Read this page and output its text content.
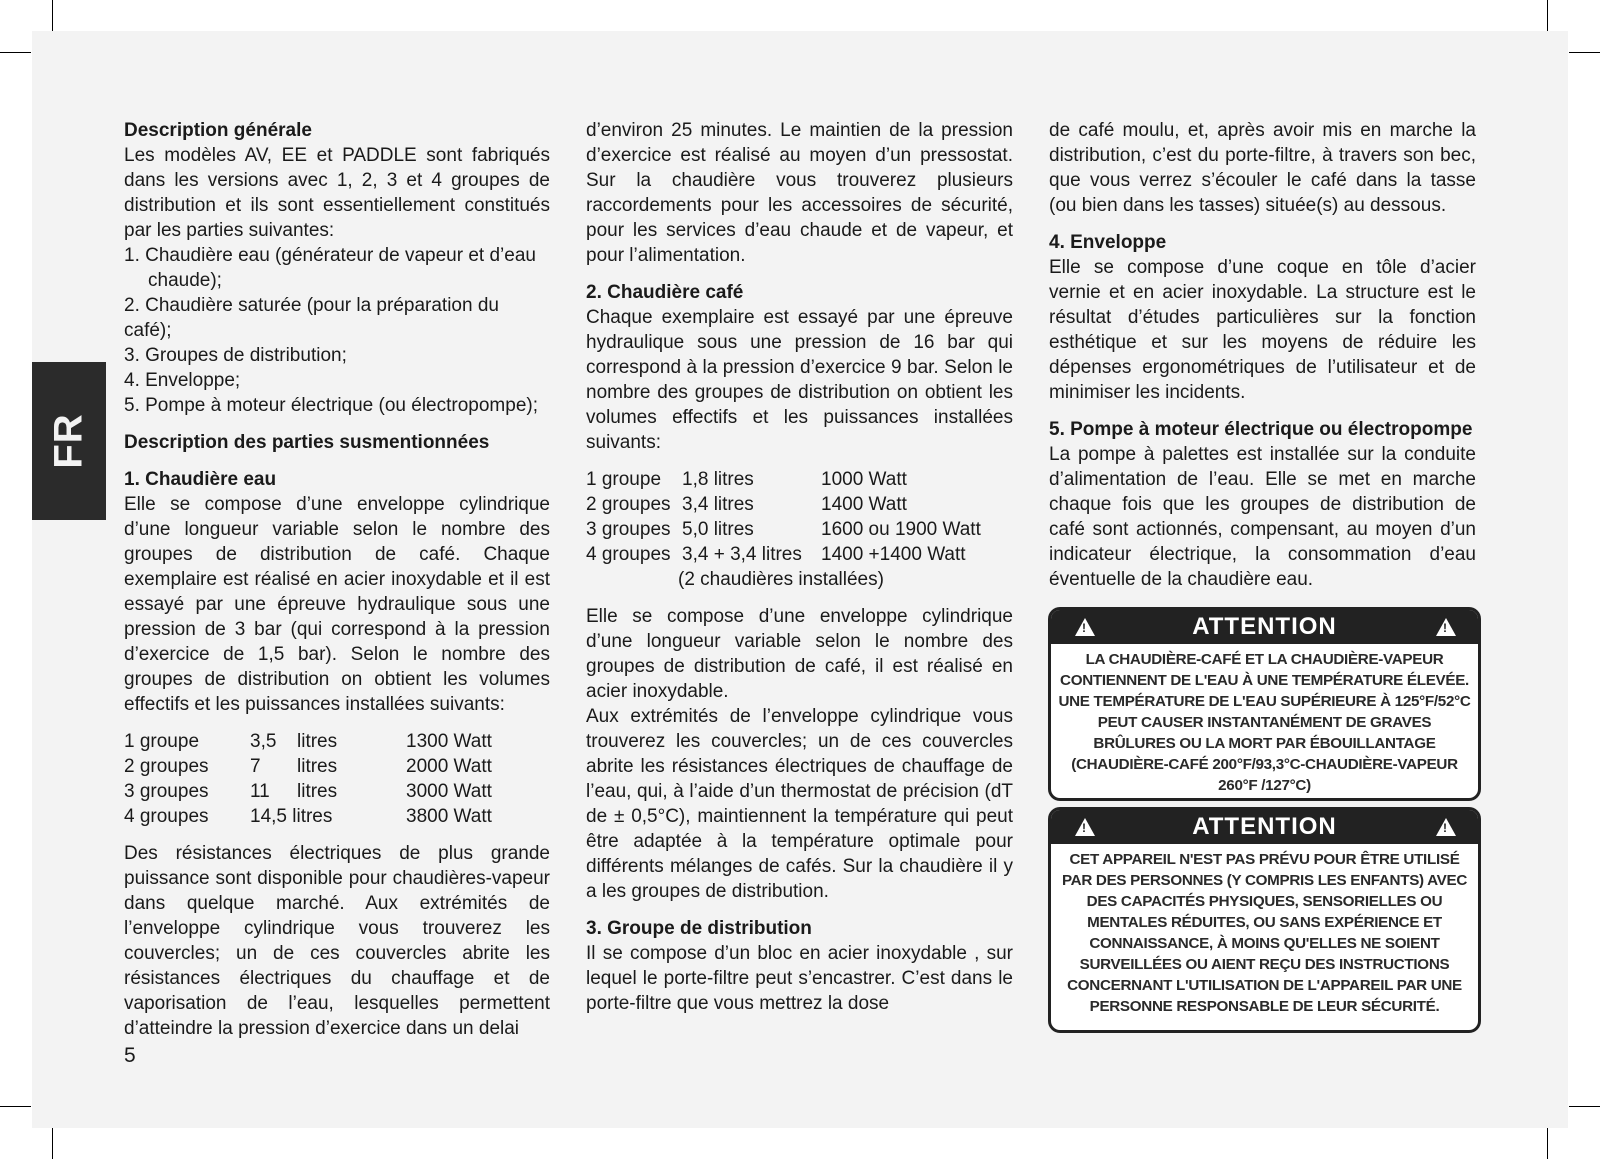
FR

Description générale

Les modèles AV, EE et PADDLE sont fabriqués dans les versions avec 1, 2, 3 et 4 groupes de distribution et ils sont essentiellement constitués par les parties suivantes:

1. Chaudière eau (générateur de vapeur et d’eau chaude);

2. Chaudière saturée (pour la préparation du café);

3. Groupes de distribution;

4. Enveloppe;

5. Pompe à moteur électrique (ou électropompe);

Description des parties susmentionnées

1. Chaudière eau

Elle se compose d’une enveloppe cylindrique d’une longueur variable selon le nombre des groupes de distribution de café. Chaque exemplaire est réalisé en acier inoxydable et il est essayé par une épreuve hydraulique sous une pression de 3 bar (qui correspond à la pression d’exercice de 1,5 bar). Selon le nombre des groupes de distribution on obtient les volumes effectifs et les puissances installées suivants:

1 groupe	3,5	litres	1300 Watt
2 groupes	7	litres	2000 Watt
3 groupes	11	litres	3000 Watt
4 groupes	14,5 litres		3800 Watt

Des résistances électriques de plus grande puissance sont disponible pour chaudières-vapeur dans quelque marché. Aux extrémités de l’enveloppe cylindrique vous trouverez les couvercles; un de ces couvercles abrite les résistances électriques du chauffage et de vaporisation de l’eau, lesquelles permettent d’atteindre la pression d’exercice dans un delai

d’environ 25 minutes. Le maintien de la pression d’exercice est réalisé au moyen d’un pressostat. Sur la chaudière vous trouverez plusieurs raccordements pour les accessoires de sécurité, pour les services d’eau chaude et de vapeur, et pour l’alimentation.

2. Chaudière café

Chaque exemplaire est essayé par une épreuve hydraulique sous une pression de 16 bar qui correspond à la pression d’exercice 9 bar. Selon le nombre des groupes de distribution on obtient les volumes effectifs et les puissances installées suivants:

1 groupe	1,8 litres	1000 Watt
2 groupes	3,4 litres	1400 Watt
3 groupes	5,0 litres	1600 ou 1900 Watt
4 groupes	3,4 + 3,4 litres	1400 +1400 Watt
	(2 chaudières installées)

Elle se compose d’une enveloppe cylindrique d’une longueur variable selon le nombre des groupes de distribution de café, il est réalisé en acier inoxydable.

Aux extrémités de l’enveloppe cylindrique vous trouverez les couvercles; un de ces couvercles abrite les résistances électriques de chauffage de l’eau, qui, à l’aide d’un thermostat de précision (dT de ± 0,5°C), maintiennent la température qui peut être adaptée à la température optimale pour différents mélanges de cafés. Sur la chaudière il y a les groupes de distribution.

3. Groupe de distribution

Il se compose d’un bloc en acier inoxydable , sur lequel le porte-filtre peut s’encastrer. C’est dans le porte-filtre que vous mettrez la dose

de café moulu, et, après avoir mis en marche la distribution, c’est du porte-filtre, à travers son bec, que vous verrez s’écouler le café dans la tasse (ou bien dans les tasses) située(s) au dessous.

4. Enveloppe

Elle se compose d’une coque en tôle d’acier vernie et en acier inoxydable. La structure est le résultat d’études particulières sur la fonction esthétique et sur les moyens de réduire les dépenses ergonométriques de l’utilisateur et de minimiser les incidents.

5. Pompe à moteur électrique ou électropompe

La pompe à palettes est installée sur la conduite d’alimentation de l’eau. Elle se met en marche chaque fois que les groupes de distribution de café sont actionnés, compensant, au moyen d’un indicateur électrique, la consommation d’eau éventuelle de la chaudière eau.

!
ATTENTION
!
LA CHAUDIÈRE-CAFÉ ET LA CHAUDIÈRE-VAPEUR CONTIENNENT DE L'EAU À UNE TEMPÉRATURE ÉLEVÉE. UNE TEMPÉRATURE DE L'EAU SUPÉRIEURE À 125°F/52°C PEUT CAUSER INSTANTANÉMENT DE GRAVES BRÛLURES OU LA MORT PAR ÉBOUILLANTAGE (CHAUDIÈRE-CAFÉ 200°F/93,3°C-CHAUDIÈRE-VAPEUR 260°F /127°C)
!
ATTENTION
!
CET APPAREIL N'EST PAS PRÉVU POUR ÊTRE UTILISÉ PAR DES PERSONNES (Y COMPRIS LES ENFANTS) AVEC DES CAPACITÉS PHYSIQUES, SENSORIELLES OU MENTALES RÉDUITES, OU SANS EXPÉRIENCE ET CONNAISSANCE, À MOINS QU'ELLES NE SOIENT SURVEILLÉES OU AIENT REÇU DES INSTRUCTIONS CONCERNANT L'UTILISATION DE L'APPAREIL PAR UNE PERSONNE RESPONSABLE DE LEUR SÉCURITÉ.
5
